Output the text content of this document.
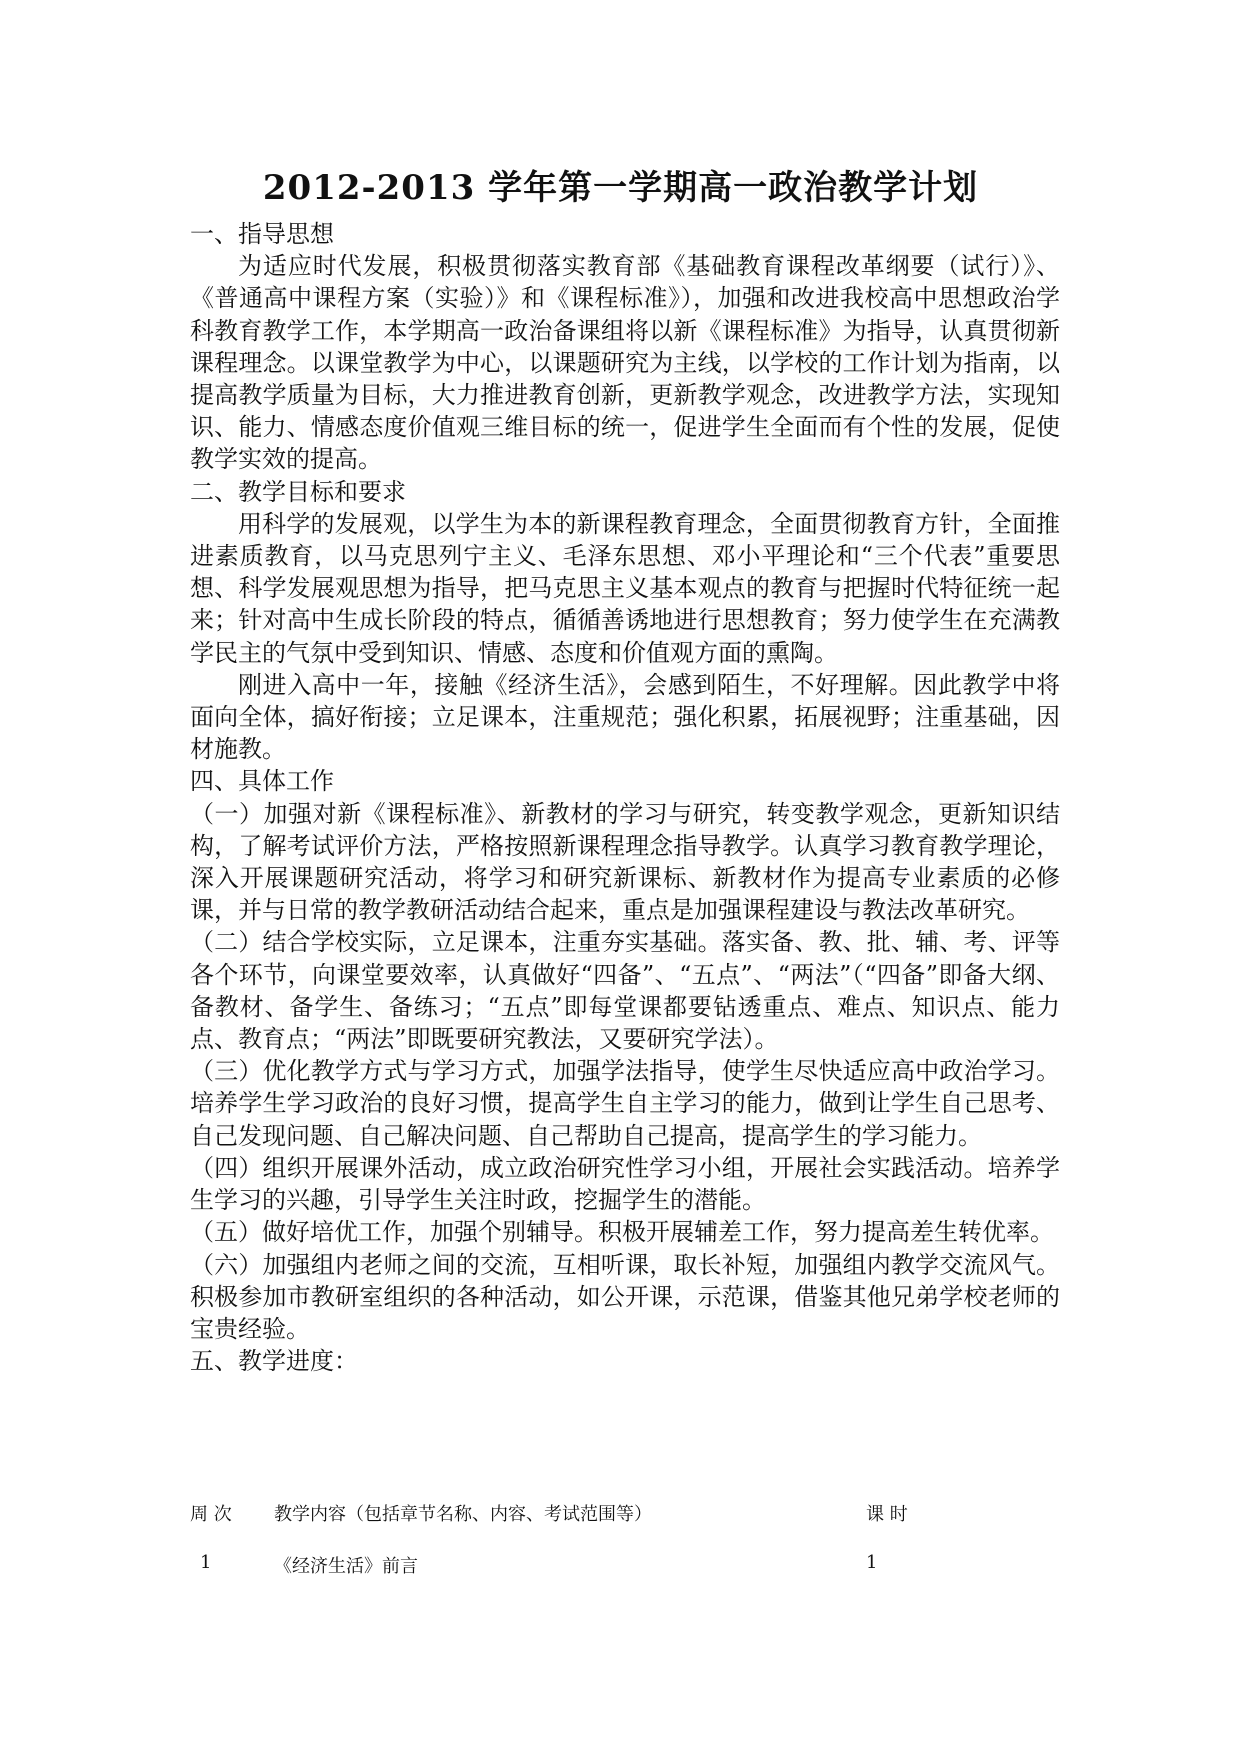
2012-2013 学年第一学期高一政治教学计划

一、指导思想

为适应时代发展，积极贯彻落实教育部《基础教育课程改革纲要（试行）》、《普通高中课程方案（实验）》和《课程标准》），加强和改进我校高中思想政治学科教育教学工作，本学期高一政治备课组将以新《课程标准》为指导，认真贯彻新课程理念。以课堂教学为中心，以课题研究为主线，以学校的工作计划为指南，以提高教学质量为目标，大力推进教育创新，更新教学观念，改进教学方法，实现知识、能力、情感态度价值观三维目标的统一，促进学生全面而有个性的发展，促使教学实效的提高。

二、教学目标和要求

用科学的发展观，以学生为本的新课程教育理念，全面贯彻教育方针，全面推进素质教育，以马克思列宁主义、毛泽东思想、邓小平理论和“三个代表”重要思想、科学发展观思想为指导，把马克思主义基本观点的教育与把握时代特征统一起来；针对高中生成长阶段的特点，循循善诱地进行思想教育；努力使学生在充满教学民主的气氛中受到知识、情感、态度和价值观方面的熏陶。

刚进入高中一年，接触《经济生活》，会感到陌生，不好理解。因此教学中将面向全体，搞好衔接；立足课本，注重规范；强化积累，拓展视野；注重基础，因材施教。

四、具体工作

（一）加强对新《课程标准》、新教材的学习与研究，转变教学观念，更新知识结构，了解考试评价方法，严格按照新课程理念指导教学。认真学习教育教学理论，深入开展课题研究活动，将学习和研究新课标、新教材作为提高专业素质的必修课，并与日常的教学教研活动结合起来，重点是加强课程建设与教法改革研究。

（二）结合学校实际，立足课本，注重夯实基础。落实备、教、批、辅、考、评等各个环节，向课堂要效率，认真做好“四备”、“五点”、“两法”（“四备”即备大纲、备教材、备学生、备练习；“五点”即每堂课都要钻透重点、难点、知识点、能力点、教育点；“两法”即既要研究教法，又要研究学法）。

（三）优化教学方式与学习方式，加强学法指导，使学生尽快适应高中政治学习。培养学生学习政治的良好习惯，提高学生自主学习的能力，做到让学生自己思考、自己发现问题、自己解决问题、自己帮助自己提高，提高学生的学习能力。

（四）组织开展课外活动，成立政治研究性学习小组，开展社会实践活动。培养学生学习的兴趣，引导学生关注时政，挖掘学生的潜能。

（五）做好培优工作，加强个别辅导。积极开展辅差工作，努力提高差生转优率。

（六）加强组内老师之间的交流，互相听课，取长补短，加强组内教学交流风气。积极参加市教研室组织的各种活动，如公开课，示范课，借鉴其他兄弟学校老师的宝贵经验。

五、教学进度：

周 次 教学内容（包括章节名称、内容、考试范围等）	课 时
1	《经济生活》前言	1
